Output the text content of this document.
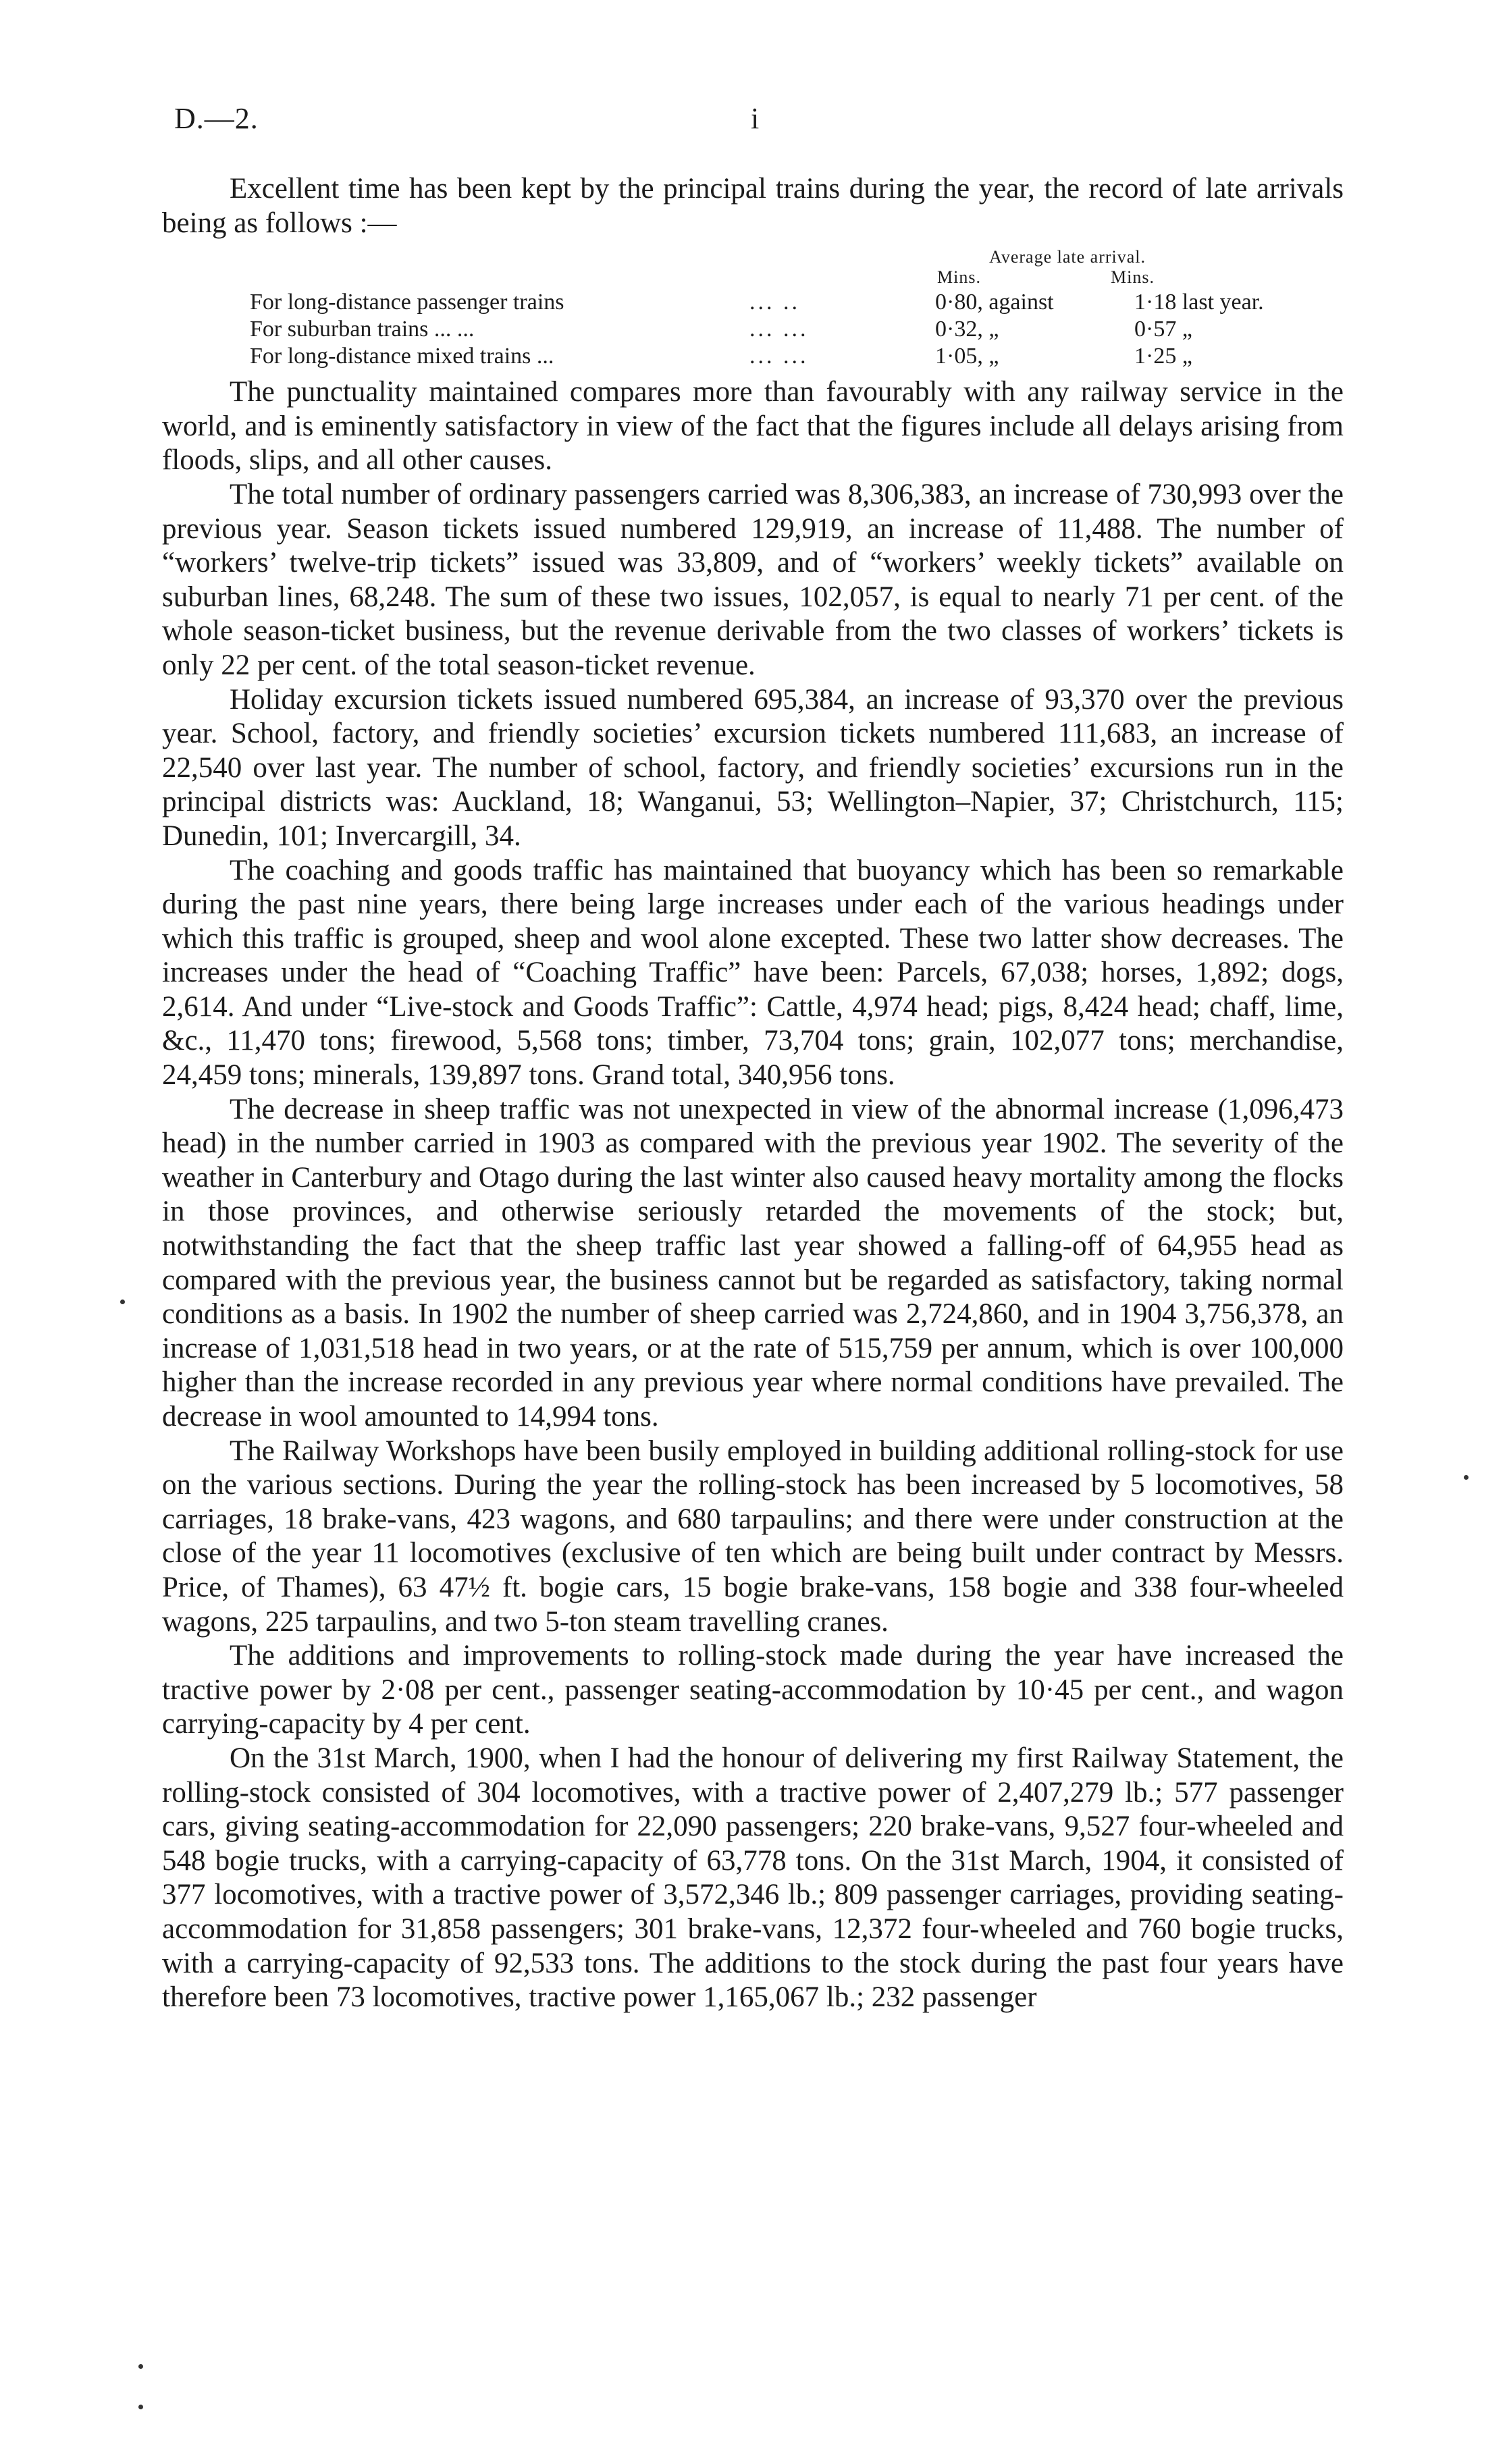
D.—2.	i

Excellent time has been kept by the principal trains during the year, the record of late arrivals being as follows :—

Average late arrival.
Mins.	Mins.
For long-distance passenger trains	... ..	0·80, against	1·18 last year.
For suburban trains ... ...	... ...	0·32, „	0·57 „
For long-distance mixed trains ...	... ...	1·05, „	1·25 „

The punctuality maintained compares more than favourably with any railway service in the world, and is eminently satisfactory in view of the fact that the figures include all delays arising from floods, slips, and all other causes.

The total number of ordinary passengers carried was 8,306,383, an increase of 730,993 over the previous year. Season tickets issued numbered 129,919, an increase of 11,488. The number of “workers’ twelve-trip tickets” issued was 33,809, and of “workers’ weekly tickets” available on suburban lines, 68,248. The sum of these two issues, 102,057, is equal to nearly 71 per cent. of the whole season-ticket business, but the revenue derivable from the two classes of workers’ tickets is only 22 per cent. of the total season-ticket revenue.

Holiday excursion tickets issued numbered 695,384, an increase of 93,370 over the previous year. School, factory, and friendly societies’ excursion tickets numbered 111,683, an increase of 22,540 over last year. The number of school, factory, and friendly societies’ excursions run in the principal districts was: Auckland, 18; Wanganui, 53; Wellington–Napier, 37; Christchurch, 115; Dunedin, 101; Invercargill, 34.

The coaching and goods traffic has maintained that buoyancy which has been so remarkable during the past nine years, there being large increases under each of the various headings under which this traffic is grouped, sheep and wool alone excepted. These two latter show decreases. The increases under the head of “Coaching Traffic” have been: Parcels, 67,038; horses, 1,892; dogs, 2,614. And under “Live-stock and Goods Traffic”: Cattle, 4,974 head; pigs, 8,424 head; chaff, lime, &c., 11,470 tons; firewood, 5,568 tons; timber, 73,704 tons; grain, 102,077 tons; merchandise, 24,459 tons; minerals, 139,897 tons. Grand total, 340,956 tons.

The decrease in sheep traffic was not unexpected in view of the abnormal increase (1,096,473 head) in the number carried in 1903 as compared with the previous year 1902. The severity of the weather in Canterbury and Otago during the last winter also caused heavy mortality among the flocks in those provinces, and otherwise seriously retarded the movements of the stock; but, notwithstanding the fact that the sheep traffic last year showed a falling-off of 64,955 head as compared with the previous year, the business cannot but be regarded as satisfactory, taking normal conditions as a basis. In 1902 the number of sheep carried was 2,724,860, and in 1904 3,756,378, an increase of 1,031,518 head in two years, or at the rate of 515,759 per annum, which is over 100,000 higher than the increase recorded in any previous year where normal conditions have prevailed. The decrease in wool amounted to 14,994 tons.

The Railway Workshops have been busily employed in building additional rolling-stock for use on the various sections. During the year the rolling-stock has been increased by 5 locomotives, 58 carriages, 18 brake-vans, 423 wagons, and 680 tarpaulins; and there were under construction at the close of the year 11 locomotives (exclusive of ten which are being built under contract by Messrs. Price, of Thames), 63 47½ ft. bogie cars, 15 bogie brake-vans, 158 bogie and 338 four-wheeled wagons, 225 tarpaulins, and two 5-ton steam travelling cranes.

The additions and improvements to rolling-stock made during the year have increased the tractive power by 2·08 per cent., passenger seating-accommodation by 10·45 per cent., and wagon carrying-capacity by 4 per cent.

On the 31st March, 1900, when I had the honour of delivering my first Railway Statement, the rolling-stock consisted of 304 locomotives, with a tractive power of 2,407,279 lb.; 577 passenger cars, giving seating-accommodation for 22,090 passengers; 220 brake-vans, 9,527 four-wheeled and 548 bogie trucks, with a carrying-capacity of 63,778 tons. On the 31st March, 1904, it consisted of 377 locomotives, with a tractive power of 3,572,346 lb.; 809 passenger carriages, providing seating-accommodation for 31,858 passengers; 301 brake-vans, 12,372 four-wheeled and 760 bogie trucks, with a carrying-capacity of 92,533 tons. The additions to the stock during the past four years have therefore been 73 locomotives, tractive power 1,165,067 lb.; 232 passenger
